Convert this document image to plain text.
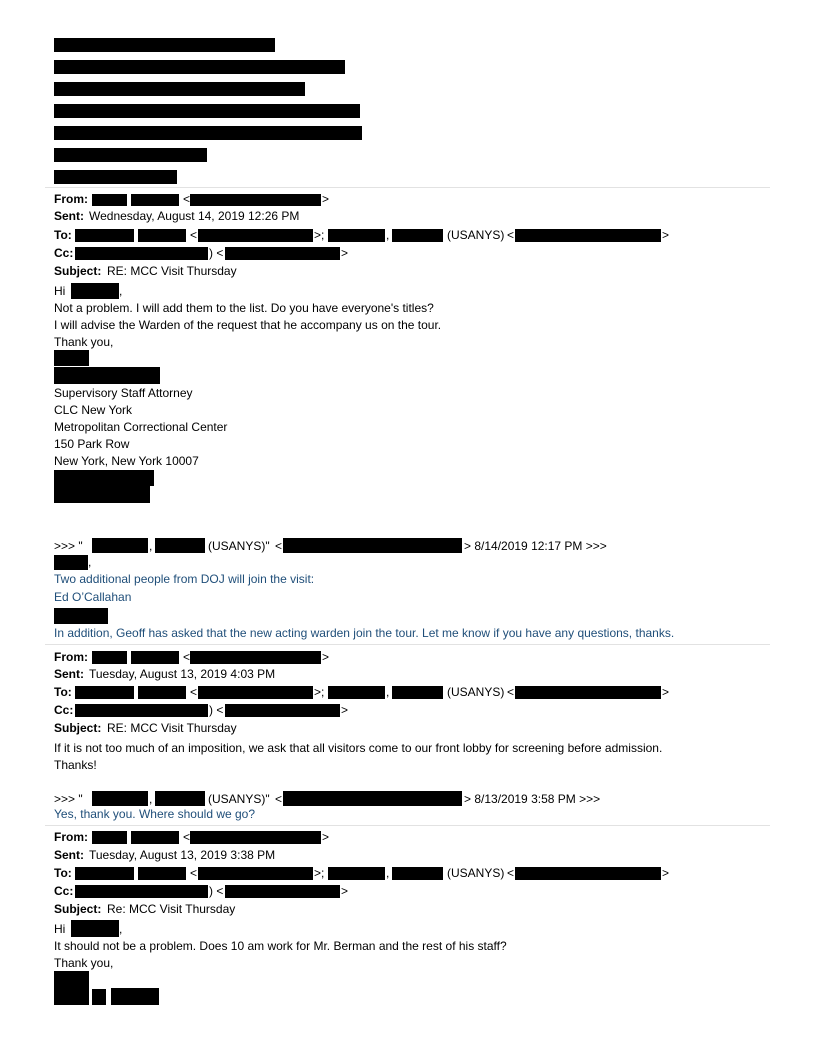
From:	<	>
Sent: Wednesday, August 14, 2019 12:26 PM
To:	<	>;	,	(USANYS) <	>
Cc:	) <	>
Subject: RE: MCC Visit Thursday
Hi	,
Not a problem. I will add them to the list. Do you have everyone's titles?
I will advise the Warden of the request that he accompany us on the tour.
Thank you,
Supervisory Staff Attorney
CLC New York
Metropolitan Correctional Center
150 Park Row
New York, New York 10007
>>> "	,	(USANYS)" <	> 8/14/2019 12:17 PM >>>
,
Two additional people from DOJ will join the visit:
Ed O’Callahan
In addition, Geoff has asked that the new acting warden join the tour. Let me know if you have any questions, thanks.
From:	<	>
Sent: Tuesday, August 13, 2019 4:03 PM
To:	<	>;	,	(USANYS) <	>
Cc:	) <	>
Subject: RE: MCC Visit Thursday
If it is not too much of an imposition, we ask that all visitors come to our front lobby for screening before admission.
Thanks!
>>> "	,	(USANYS)" <	> 8/13/2019 3:58 PM >>>
Yes, thank you. Where should we go?
From:	<	>
Sent: Tuesday, August 13, 2019 3:38 PM
To:	<	>;	,	(USANYS) <	>
Cc:	) <	>
Subject: Re: MCC Visit Thursday
Hi	,
It should not be a problem. Does 10 am work for Mr. Berman and the rest of his staff?
Thank you,
